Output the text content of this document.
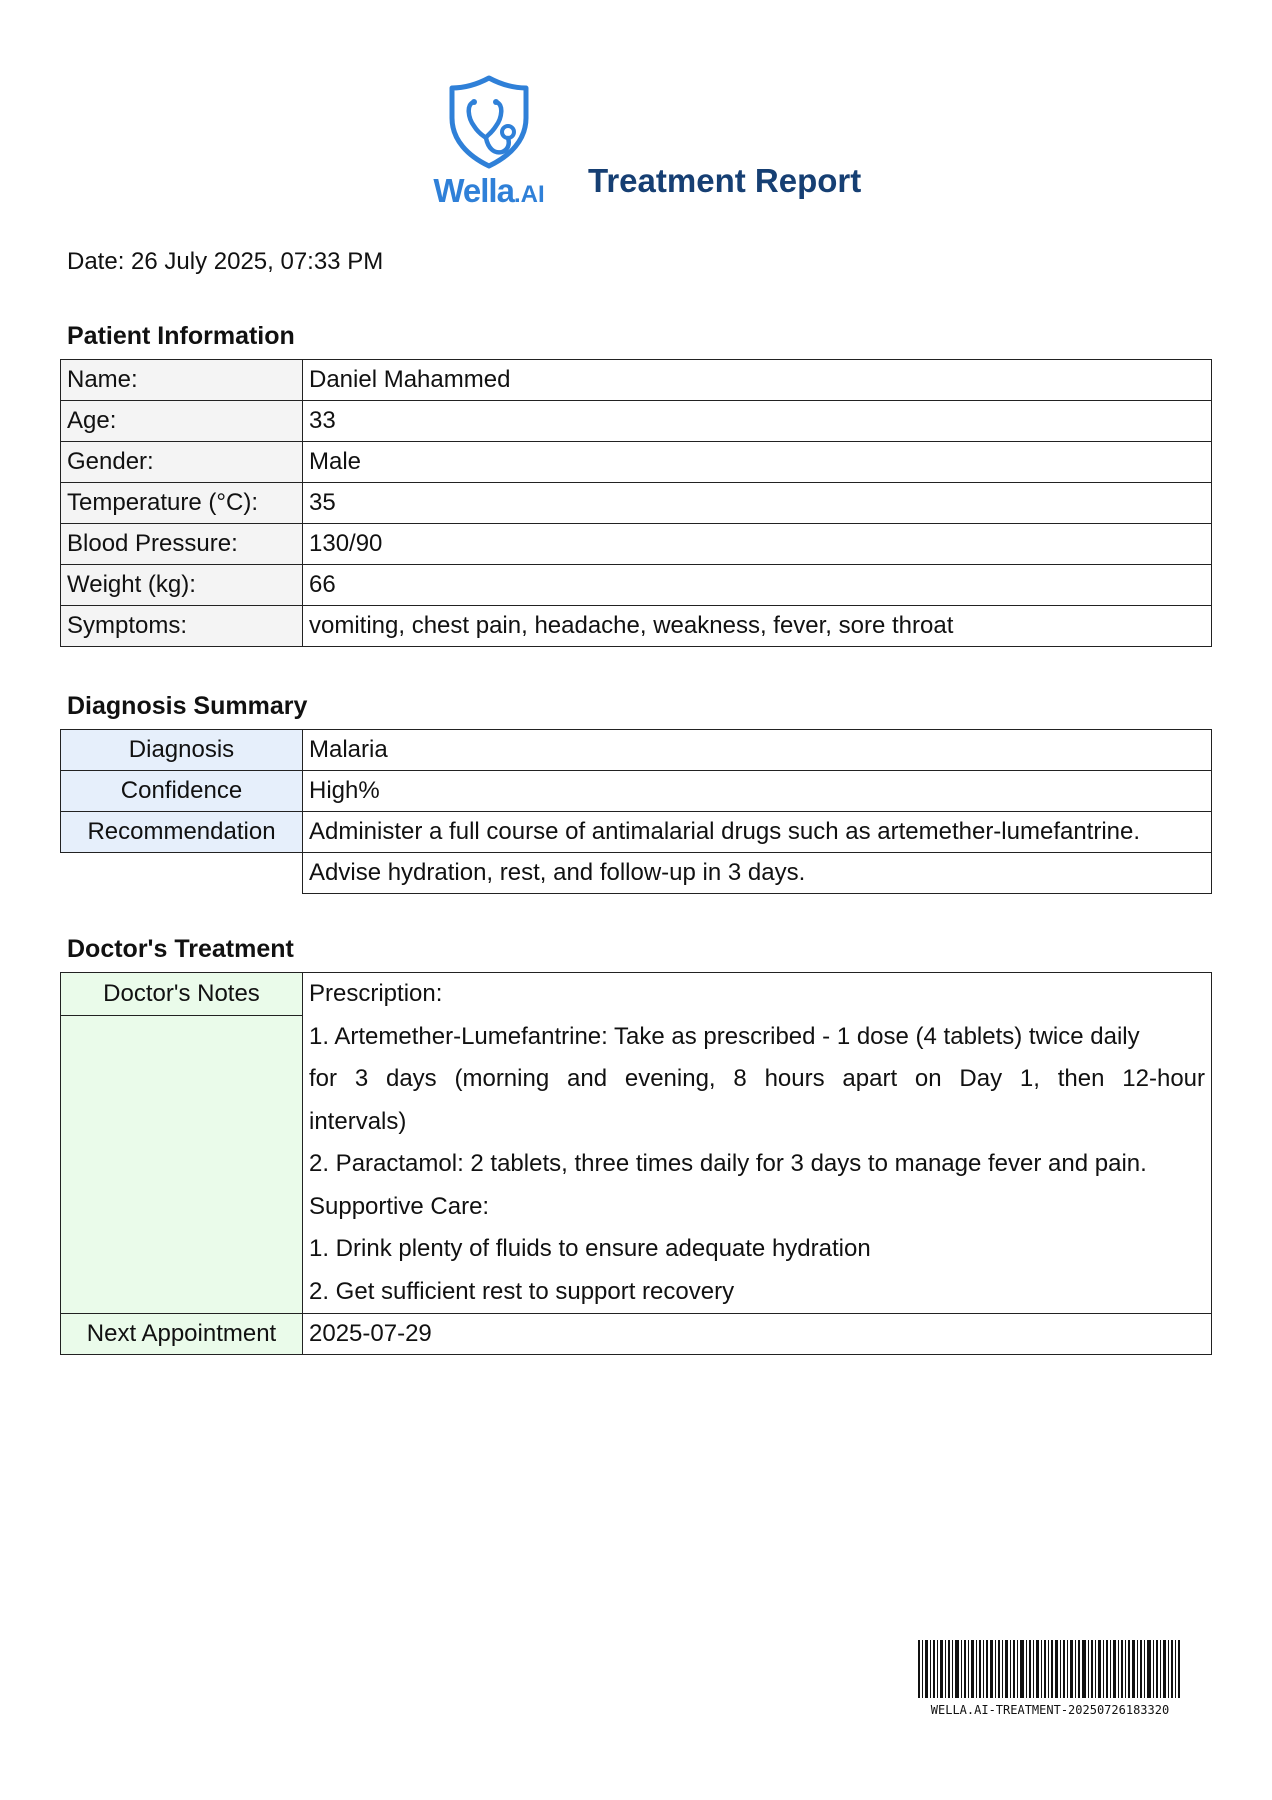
Wella.AI Treatment Report
Date: 26 July 2025, 07:33 PM
Patient Information
Name:	Daniel Mahammed
Age:	33
Gender:	Male
Temperature (°C):	35
Blood Pressure:	130/90
Weight (kg):	66
Symptoms:	vomiting, chest pain, headache, weakness, fever, sore throat
Diagnosis Summary
Diagnosis	Malaria
Confidence	High%
Recommendation	Administer a full course of antimalarial drugs such as artemether-lumefantrine.
	Advise hydration, rest, and follow-up in 3 days.
Doctor's Treatment
Doctor's Notes	Prescription:
1. Artemether-Lumefantrine: Take as prescribed - 1 dose (4 tablets) twice daily
for 3 days (morning and evening, 8 hours apart on Day 1, then 12-hour
intervals)
2. Paractamol: 2 tablets, three times daily for 3 days to manage fever and pain.
Supportive Care:
1. Drink plenty of fluids to ensure adequate hydration
2. Get sufficient rest to support recovery

Next Appointment	2025-07-29
WELLA.AI-TREATMENT-20250726183320
